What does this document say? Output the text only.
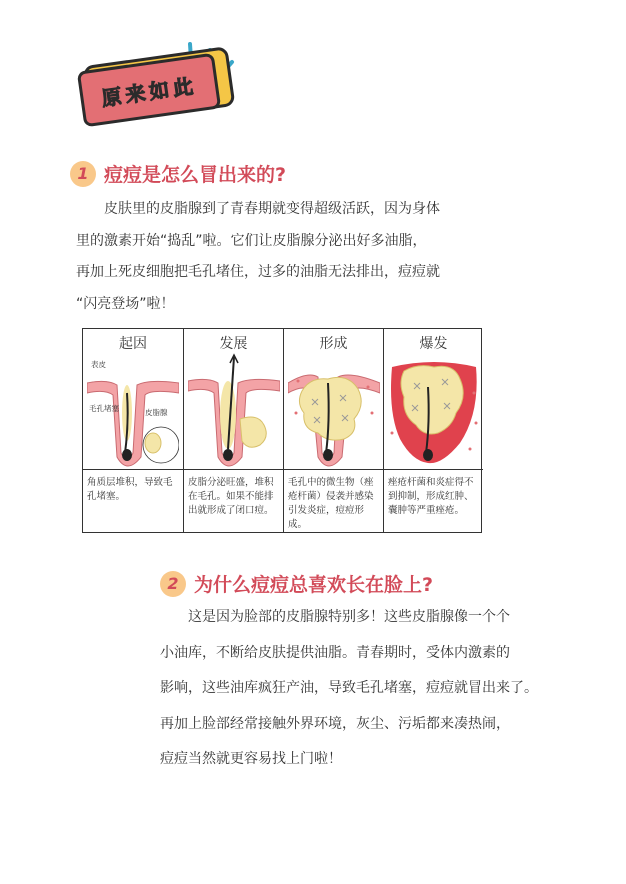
原来如此
1 痘痘是怎么冒出来的?
皮肤里的皮脂腺到了青春期就变得超级活跃，因为身体
里的激素开始“捣乱”啦。它们让皮脂腺分泌出好多油脂，
再加上死皮细胞把毛孔堵住，过多的油脂无法排出，痘痘就
“闪亮登场”啦！
起因
表皮
毛孔堵塞	皮脂腺
角质层堆积，导致毛孔堵塞。
发展
皮脂分泌旺盛，堆积在毛孔。如果不能排出就形成了闭口痘。
形成
毛孔中的微生物（痤疮杆菌）侵袭并感染引发炎症，痘痘形成。
爆发
痤疮杆菌和炎症得不到抑制，形成红肿、囊肿等严重痤疮。
2 为什么痘痘总喜欢长在脸上?
这是因为脸部的皮脂腺特别多！这些皮脂腺像一个个
小油库，不断给皮肤提供油脂。青春期时，受体内激素的
影响，这些油库疯狂产油，导致毛孔堵塞，痘痘就冒出来了。
再加上脸部经常接触外界环境，灰尘、污垢都来凑热闹，
痘痘当然就更容易找上门啦！
